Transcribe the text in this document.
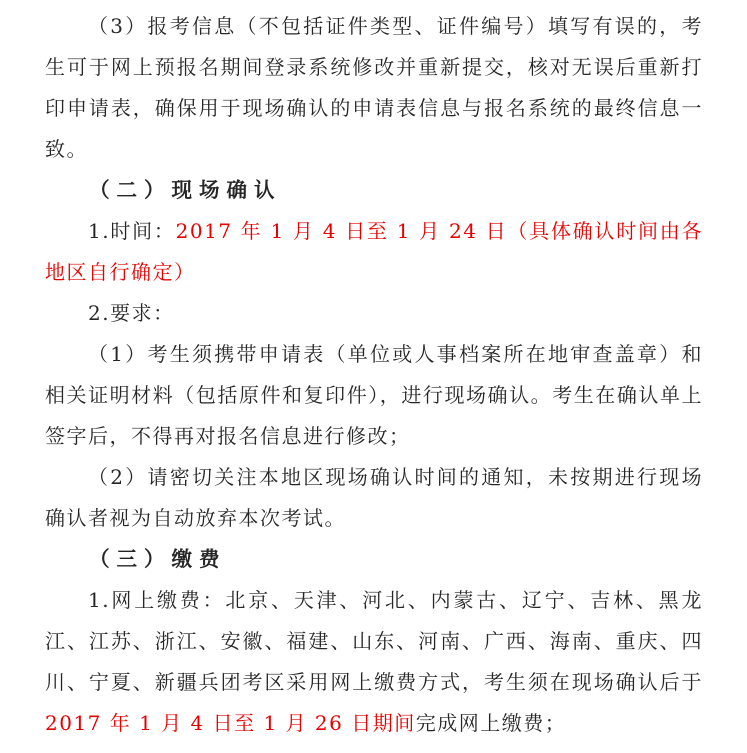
（3）报考信息（不包括证件类型、证件编号）填写有误的，考生可于网上预报名期间登录系统修改并重新提交，核对无误后重新打印申请表，确保用于现场确认的申请表信息与报名系统的最终信息一致。

（二）现场确认

1.时间：2017 年 1 月 4 日至 1 月 24 日（具体确认时间由各地区自行确定）

2.要求：

（1）考生须携带申请表（单位或人事档案所在地审查盖章）和相关证明材料（包括原件和复印件），进行现场确认。考生在确认单上签字后，不得再对报名信息进行修改；

（2）请密切关注本地区现场确认时间的通知，未按期进行现场确认者视为自动放弃本次考试。

（三）缴费

1.网上缴费：北京、天津、河北、内蒙古、辽宁、吉林、黑龙江、江苏、浙江、安徽、福建、山东、河南、广西、海南、重庆、四川、宁夏、新疆兵团考区采用网上缴费方式，考生须在现场确认后于 2017 年 1 月 4 日至 1 月 26 日期间完成网上缴费；
